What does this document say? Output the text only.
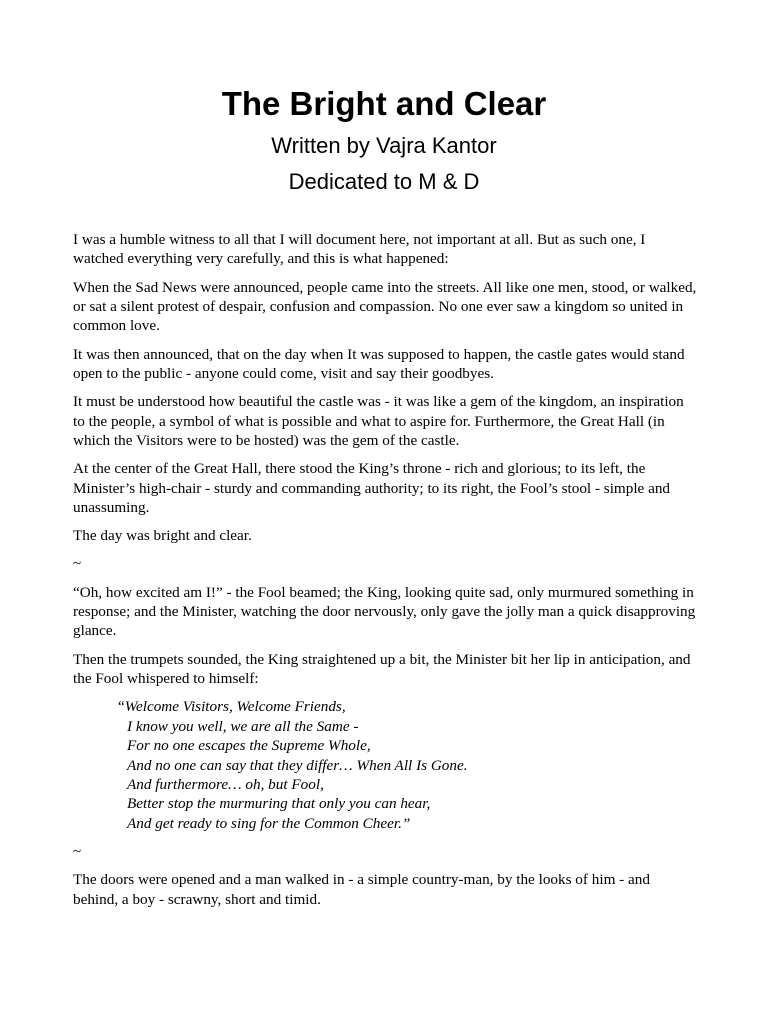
The Bright and Clear
Written by Vajra Kantor
Dedicated to M & D

I was a humble witness to all that I will document here, not important at all. But as such one, I watched everything very carefully, and this is what happened:

When the Sad News were announced, people came into the streets. All like one men, stood, or walked, or sat a silent protest of despair, confusion and compassion. No one ever saw a kingdom so united in common love.

It was then announced, that on the day when It was supposed to happen, the castle gates would stand open to the public - anyone could come, visit and say their goodbyes.

It must be understood how beautiful the castle was - it was like a gem of the kingdom, an inspiration to the people, a symbol of what is possible and what to aspire for. Furthermore, the Great Hall (in which the Visitors were to be hosted) was the gem of the castle.

At the center of the Great Hall, there stood the King’s throne - rich and glorious; to its left, the Minister’s high-chair - sturdy and commanding authority; to its right, the Fool’s stool - simple and unassuming.

The day was bright and clear.

~

“Oh, how excited am I!” - the Fool beamed; the King, looking quite sad, only murmured something in response; and the Minister, watching the door nervously, only gave the jolly man a quick disapproving glance.

Then the trumpets sounded, the King straightened up a bit, the Minister bit her lip in anticipation, and the Fool whispered to himself:

“Welcome Visitors, Welcome Friends,
I know you well, we are all the Same -
For no one escapes the Supreme Whole,
And no one can say that they differ… When All Is Gone.
And furthermore… oh, but Fool,
Better stop the murmuring that only you can hear,
And get ready to sing for the Common Cheer.”
~

The doors were opened and a man walked in - a simple country-man, by the looks of him - and behind, a boy - scrawny, short and timid.
